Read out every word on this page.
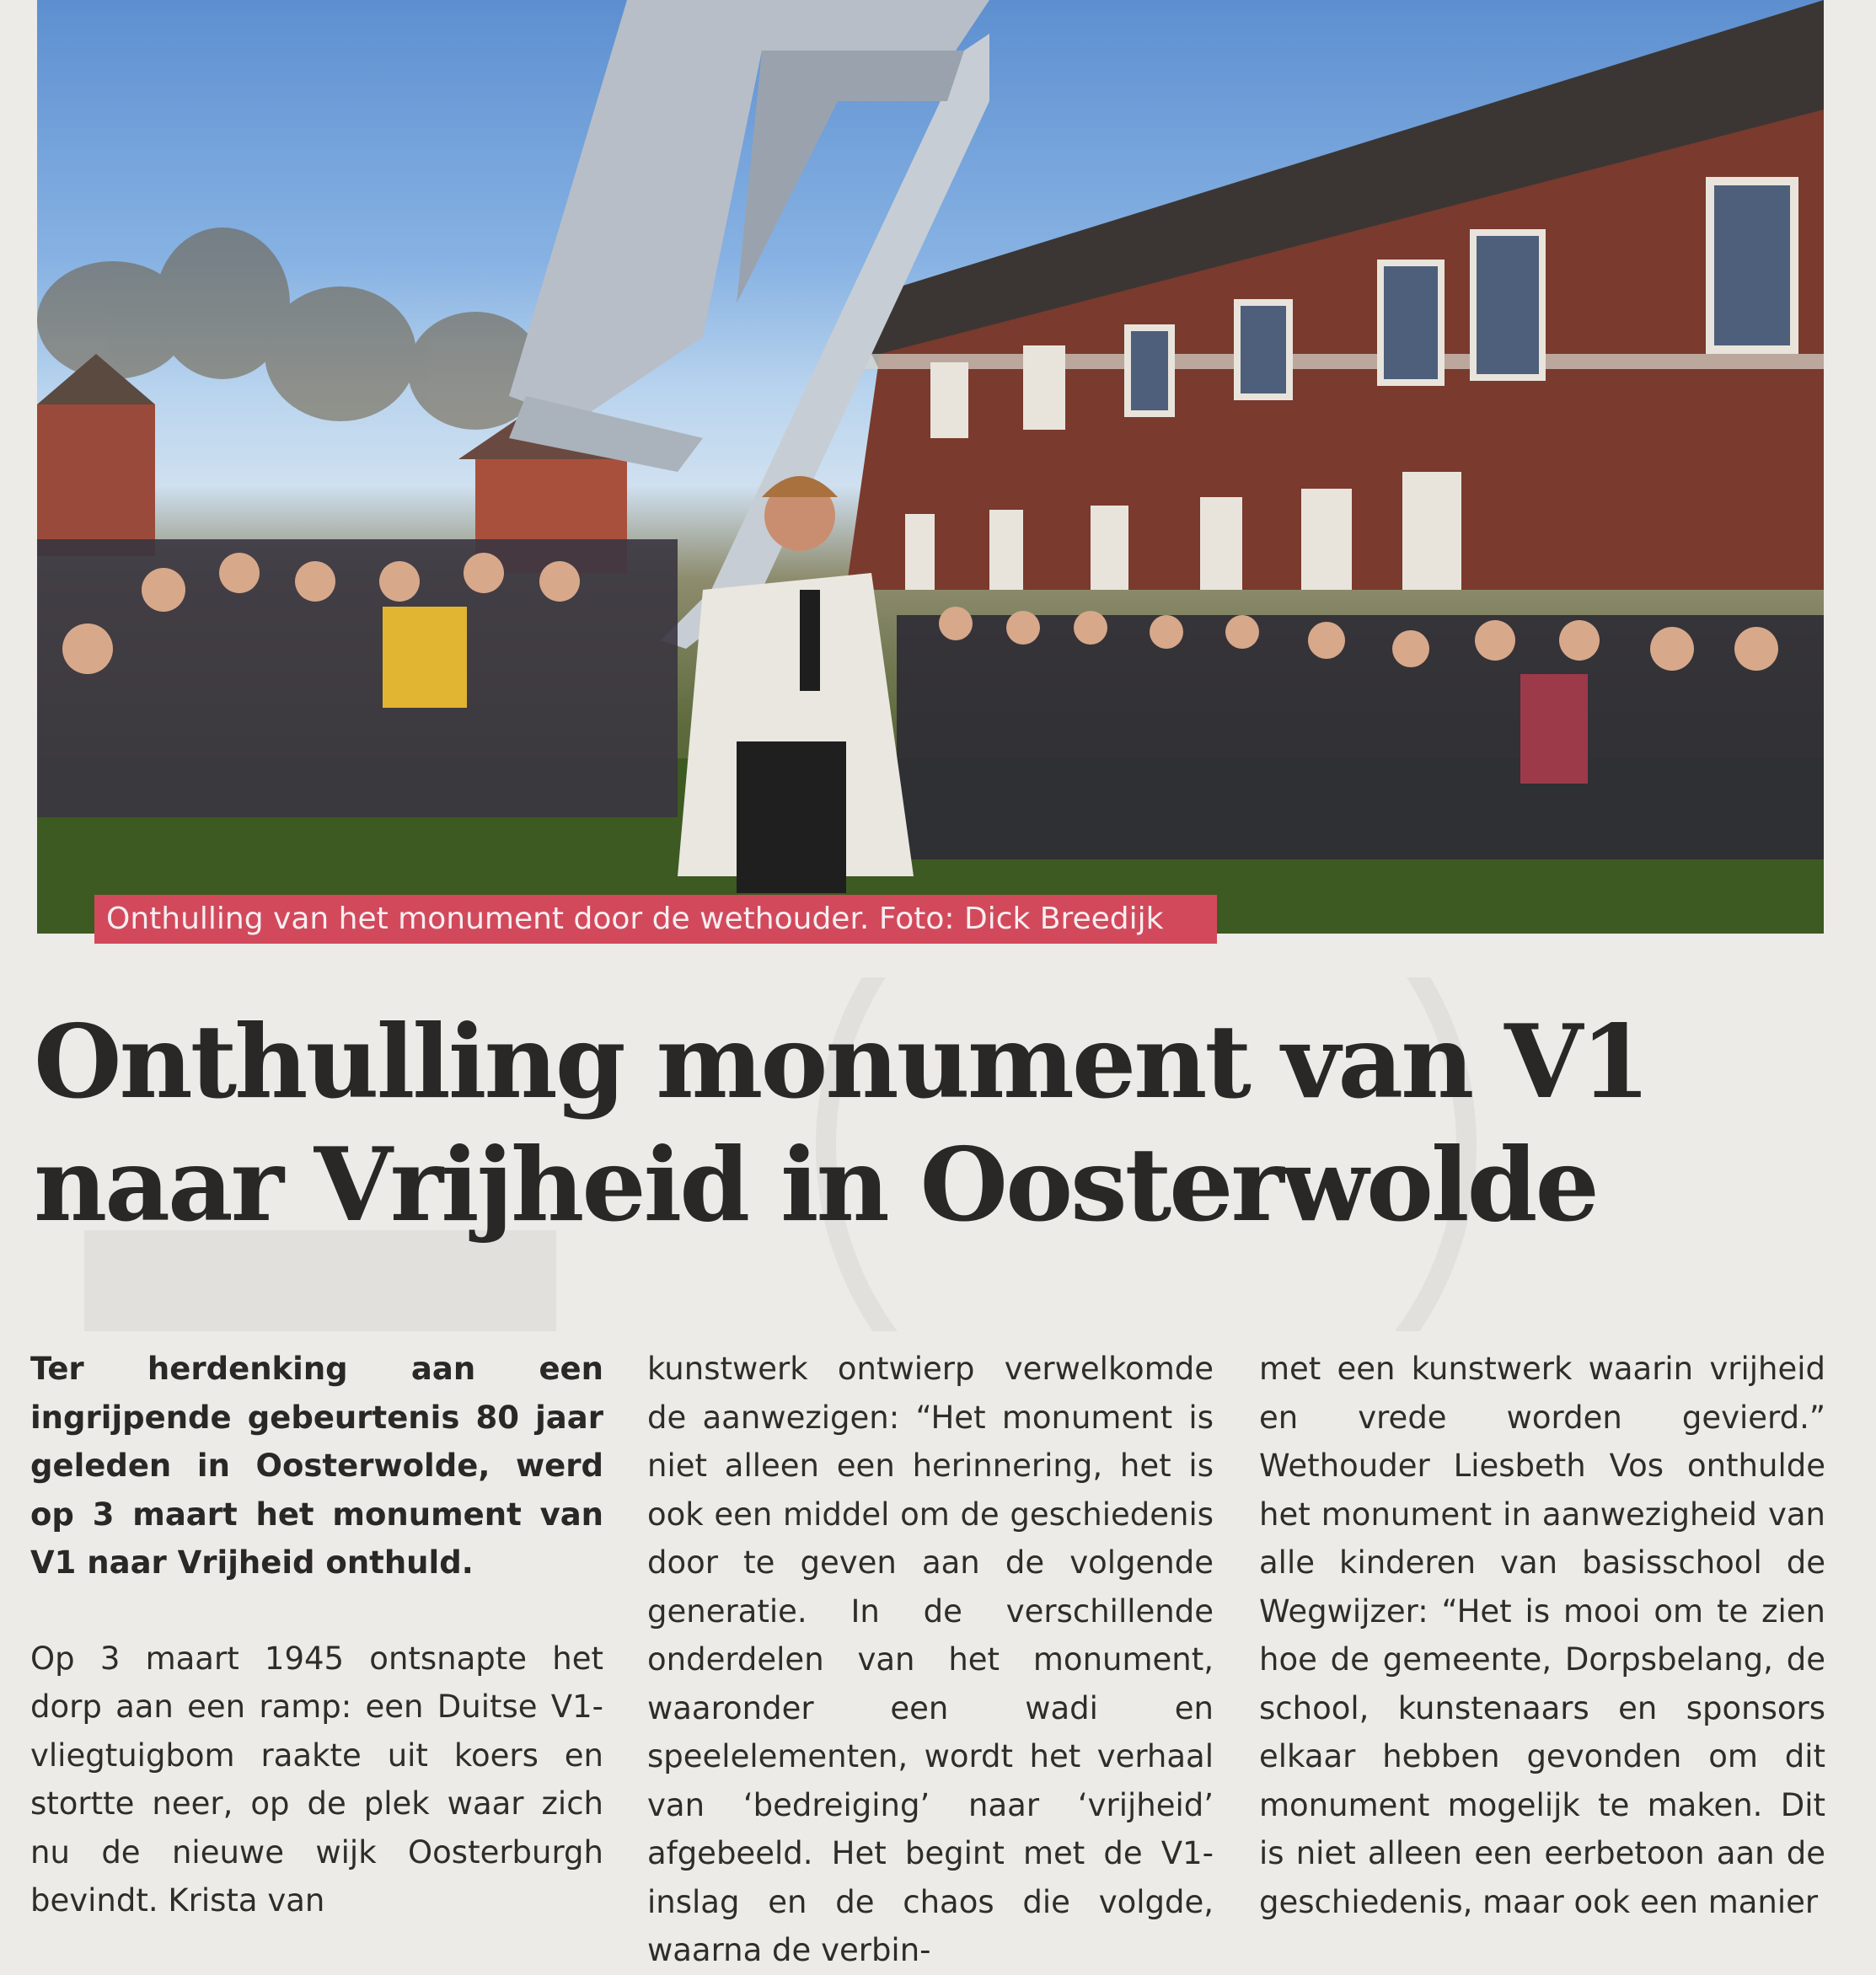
Onthulling van het monument door de wethouder. Foto: Dick Breedijk
Onthulling monument van V1
naar Vrijheid in Oosterwolde

Ter herdenking aan een ingrijpende gebeurtenis 80 jaar geleden in Oosterwolde, werd op 3 maart het monument van V1 naar Vrijheid onthuld.

Op 3 maart 1945 ontsnapte het dorp aan een ramp: een Duitse V1-vliegtuigbom raakte uit koers en stortte neer, op de plek waar zich nu de nieuwe wijk Oosterburgh bevindt. Krista van

kunstwerk ontwierp verwelkomde de aanwezigen: “Het monument is niet alleen een herinnering, het is ook een middel om de geschiedenis door te geven aan de volgende generatie. In de verschillende onderdelen van het monument, waaronder een wadi en speelelementen, wordt het verhaal van ‘bedreiging’ naar ‘vrijheid’ afgebeeld. Het begint met de V1-inslag en de chaos die volgde, waarna de verbin-

met een kunstwerk waarin vrijheid en vrede worden gevierd.” Wethouder Liesbeth Vos onthulde het monument in aanwezigheid van alle kinderen van basisschool de Wegwijzer: “Het is mooi om te zien hoe de gemeente, Dorpsbelang, de school, kunstenaars en sponsors elkaar hebben gevonden om dit monument mogelijk te maken. Dit is niet alleen een eerbetoon aan de geschiedenis, maar ook een manier
